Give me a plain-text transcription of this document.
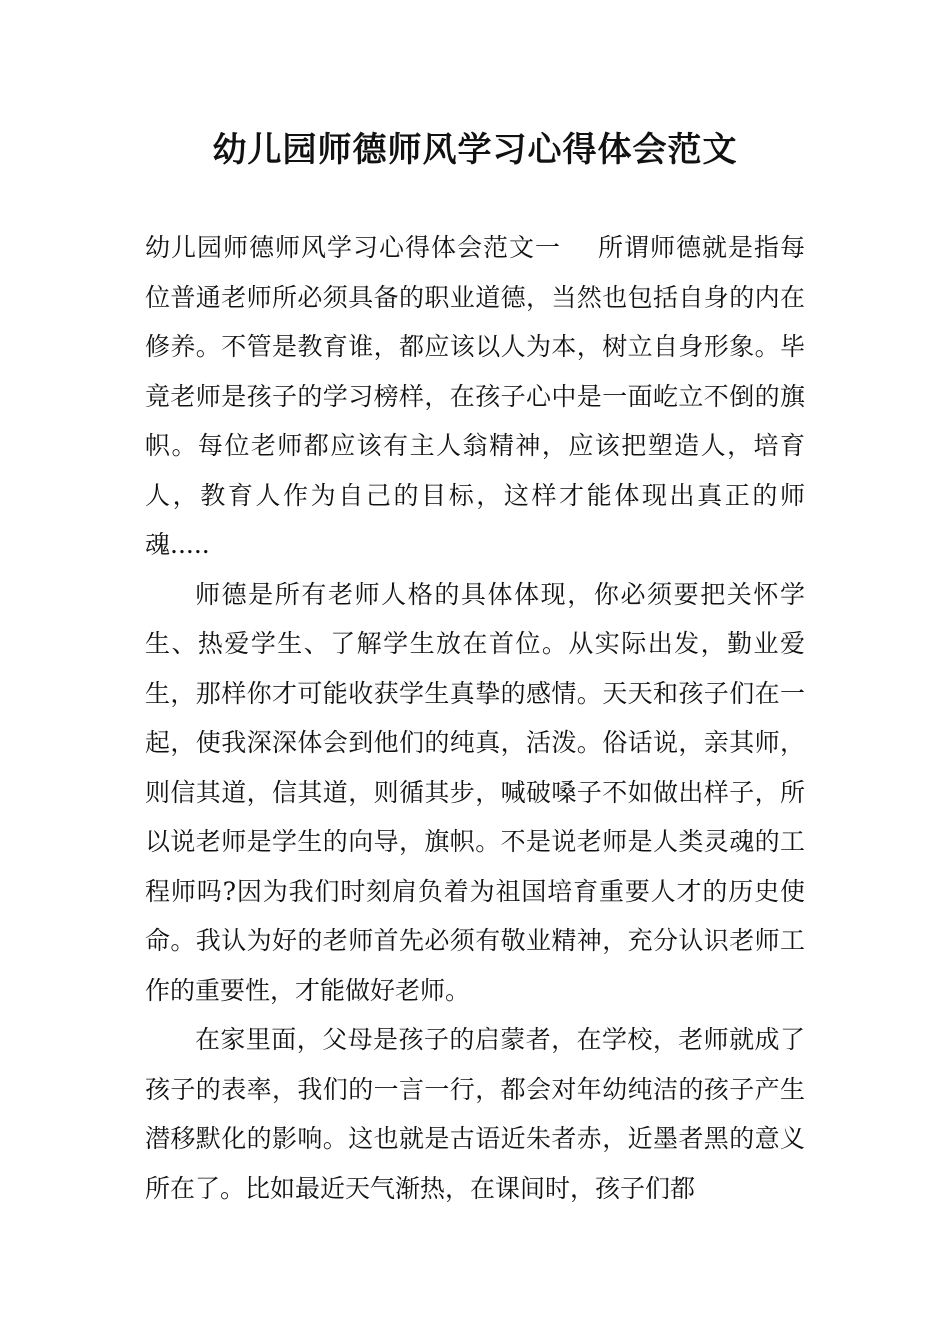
幼儿园师德师风学习心得体会范文

幼儿园师德师风学习心得体会范文一 所谓师德就是指每位普通老师所必须具备的职业道德，当然也包括自身的内在修养。不管是教育谁，都应该以人为本，树立自身形象。毕竟老师是孩子的学习榜样，在孩子心中是一面屹立不倒的旗帜。每位老师都应该有主人翁精神，应该把塑造人，培育人，教育人作为自己的目标，这样才能体现出真正的师魂.....

师德是所有老师人格的具体体现，你必须要把关怀学生、热爱学生、了解学生放在首位。从实际出发，勤业爱生，那样你才可能收获学生真挚的感情。天天和孩子们在一起，使我深深体会到他们的纯真，活泼。俗话说，亲其师，则信其道，信其道，则循其步，喊破嗓子不如做出样子，所以说老师是学生的向导，旗帜。不是说老师是人类灵魂的工程师吗?因为我们时刻肩负着为祖国培育重要人才的历史使命。我认为好的老师首先必须有敬业精神，充分认识老师工作的重要性，才能做好老师。

在家里面，父母是孩子的启蒙者，在学校，老师就成了孩子的表率，我们的一言一行，都会对年幼纯洁的孩子产生潜移默化的影响。这也就是古语近朱者赤，近墨者黑的意义所在了。比如最近天气渐热，在课间时，孩子们都
